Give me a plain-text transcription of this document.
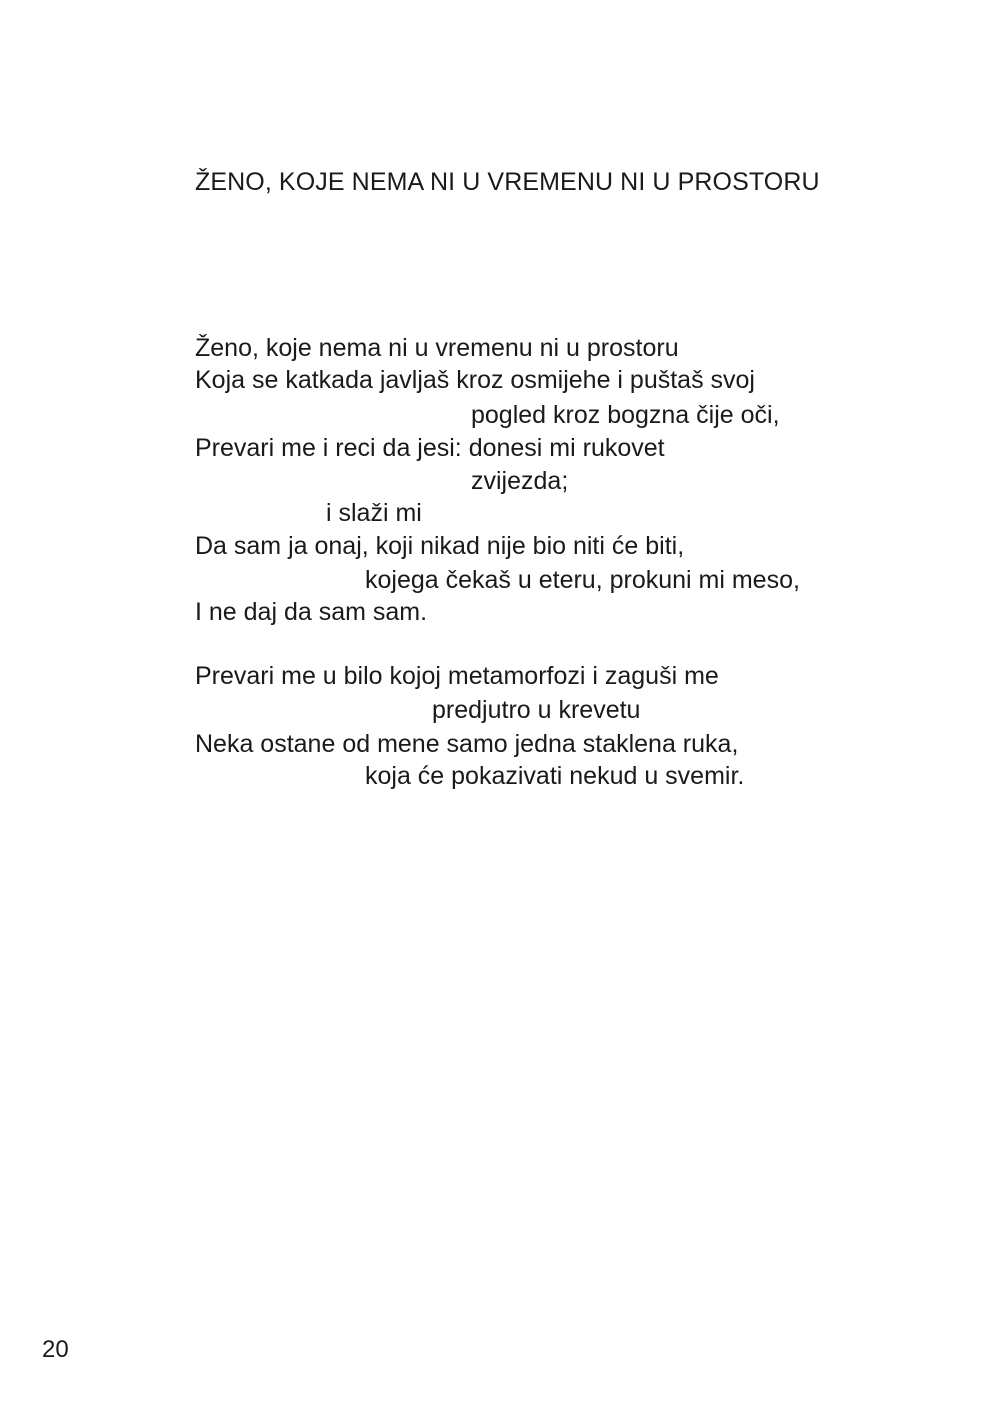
ŽENO, KOJE NEMA NI U VREMENU NI U PROSTORU
Ženo, koje nema ni u vremenu ni u prostoru
Koja se katkada javljaš kroz osmijehe i puštaš svoj
pogled kroz bogzna čije oči,
Prevari me i reci da jesi: donesi mi rukovet
zvijezda;
i slaži mi
Da sam ja onaj, koji nikad nije bio niti će biti,
kojega čekaš u eteru, prokuni mi meso,
I ne daj da sam sam.
Prevari me u bilo kojoj metamorfozi i zaguši me
predjutro u krevetu
Neka ostane od mene samo jedna staklena ruka,
koja će pokazivati nekud u svemir.
20
